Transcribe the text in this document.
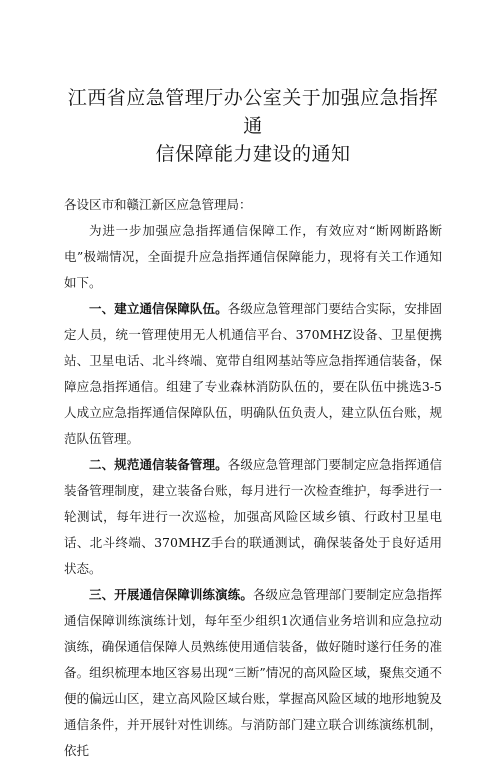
江西省应急管理厅办公室关于加强应急指挥通
信保障能力建设的通知

各设区市和赣江新区应急管理局：

为进一步加强应急指挥通信保障工作，有效应对“断网断路断电”极端情况，全面提升应急指挥通信保障能力，现将有关工作通知如下。

一、建立通信保障队伍。各级应急管理部门要结合实际，安排固定人员，统一管理使用无人机通信平台、370MHZ设备、卫星便携站、卫星电话、北斗终端、宽带自组网基站等应急指挥通信装备，保障应急指挥通信。组建了专业森林消防队伍的，要在队伍中挑选3-5人成立应急指挥通信保障队伍，明确队伍负责人，建立队伍台账，规范队伍管理。

二、规范通信装备管理。各级应急管理部门要制定应急指挥通信装备管理制度，建立装备台账，每月进行一次检查维护，每季进行一轮测试，每年进行一次巡检，加强高风险区域乡镇、行政村卫星电话、北斗终端、370MHZ手台的联通测试，确保装备处于良好适用状态。

三、开展通信保障训练演练。各级应急管理部门要制定应急指挥通信保障训练演练计划，每年至少组织1次通信业务培训和应急拉动演练，确保通信保障人员熟练使用通信装备，做好随时遂行任务的准备。组织梳理本地区容易出现“三断”情况的高风险区域，聚焦交通不便的偏远山区，建立高风险区域台账，掌握高风险区域的地形地貌及通信条件，并开展针对性训练。与消防部门建立联合训练演练机制，依托
